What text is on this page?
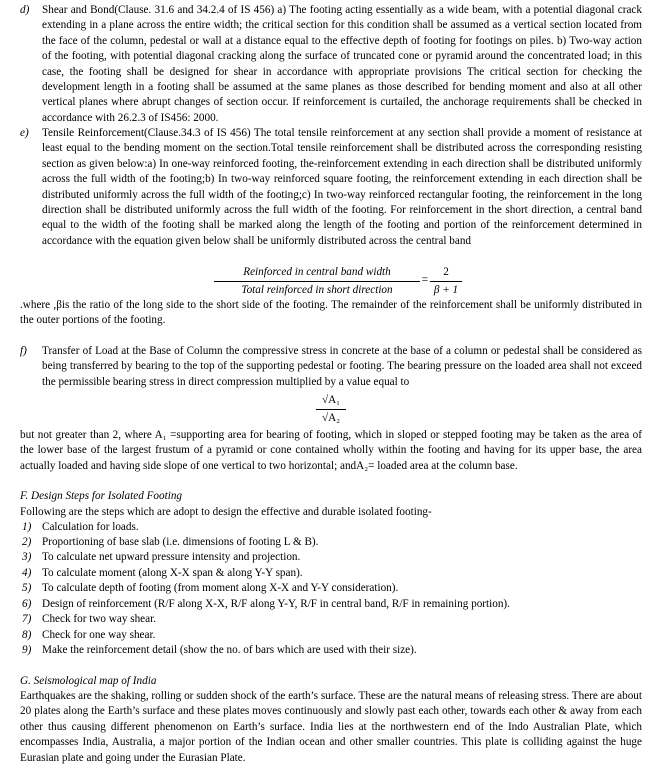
d) Shear and Bond(Clause. 31.6 and 34.2.4 of IS 456) a) The footing acting essentially as a wide beam, with a potential diagonal crack extending in a plane across the entire width; the critical section for this condition shall be assumed as a vertical section located from the face of the column, pedestal or wall at a distance equal to the effective depth of footing for footings on piles. b) Two-way action of the footing, with potential diagonal cracking along the surface of truncated cone or pyramid around the concentrated load; in this case, the footing shall be designed for shear in accordance with appropriate provisions The critical section for checking the development length in a footing shall be assumed at the same planes as those described for bending moment and also at all other vertical planes where abrupt changes of section occur. If reinforcement is curtailed, the anchorage requirements shall be checked in accordance with 26.2.3 of IS456: 2000.
e) Tensile Reinforcement(Clause.34.3 of IS 456) The total tensile reinforcement at any section shall provide a moment of resistance at least equal to the bending moment on the section.Total tensile reinforcement shall be distributed across the corresponding resisting section as given below:a) In one-way reinforced footing, the-reinforcement extending in each direction shall be distributed uniformly across the full width of the footing;b) In two-way reinforced square footing, the reinforcement extending in each direction shall be distributed uniformly across the full width of the footing;c) In two-way reinforced rectangular footing, the reinforcement in the long direction shall be distributed uniformly across the full width of the footing. For reinforcement in the short direction, a central band equal to the width of the footing shall be marked along the length of the footing and portion of the reinforcement determined in accordance with the equation given below shall be uniformly distributed across the central band
Reinforced in central band width
Total reinforced in short direction
=
2
β + 1
.where ,βis the ratio of the long side to the short side of the footing. The remainder of the reinforcement shall be uniformly distributed in the outer portions of the footing.
f) Transfer of Load at the Base of Column the compressive stress in concrete at the base of a column or pedestal shall be considered as being transferred by bearing to the top of the supporting pedestal or footing. The bearing pressure on the loaded area shall not exceed the permissible bearing stress in direct compression multiplied by a value equal to
√A₁
√A₂
but not greater than 2, where A₁ =supporting area for bearing of footing, which in sloped or stepped footing may be taken as the area of the lower base of the largest frustum of a pyramid or cone contained wholly within the footing and having for its upper base, the area actually loaded and having side slope of one vertical to two horizontal; andA₂= loaded area at the column base.
F. Design Steps for Isolated Footing
Following are the steps which are adopt to design the effective and durable isolated footing-
1) Calculation for loads.
2) Proportioning of base slab (i.e. dimensions of footing L & B).
3) To calculate net upward pressure intensity and projection.
4) To calculate moment (along X-X span & along Y-Y span).
5) To calculate depth of footing (from moment along X-X and Y-Y consideration).
6) Design of reinforcement (R/F along X-X, R/F along Y-Y, R/F in central band, R/F in remaining portion).
7) Check for two way shear.
8) Check for one way shear.
9) Make the reinforcement detail (show the no. of bars which are used with their size).
G. Seismological map of India
Earthquakes are the shaking, rolling or sudden shock of the earth’s surface. These are the natural means of releasing stress. There are about 20 plates along the Earth’s surface and these plates moves continuously and slowly past each other, towards each other & away from each other thus causing different phenomenon on Earth’s surface. India lies at the northwestern end of the Indo Australian Plate, which encompasses India, Australia, a major portion of the Indian ocean and other smaller countries. This plate is colliding against the huge Eurasian plate and going under the Eurasian Plate.
